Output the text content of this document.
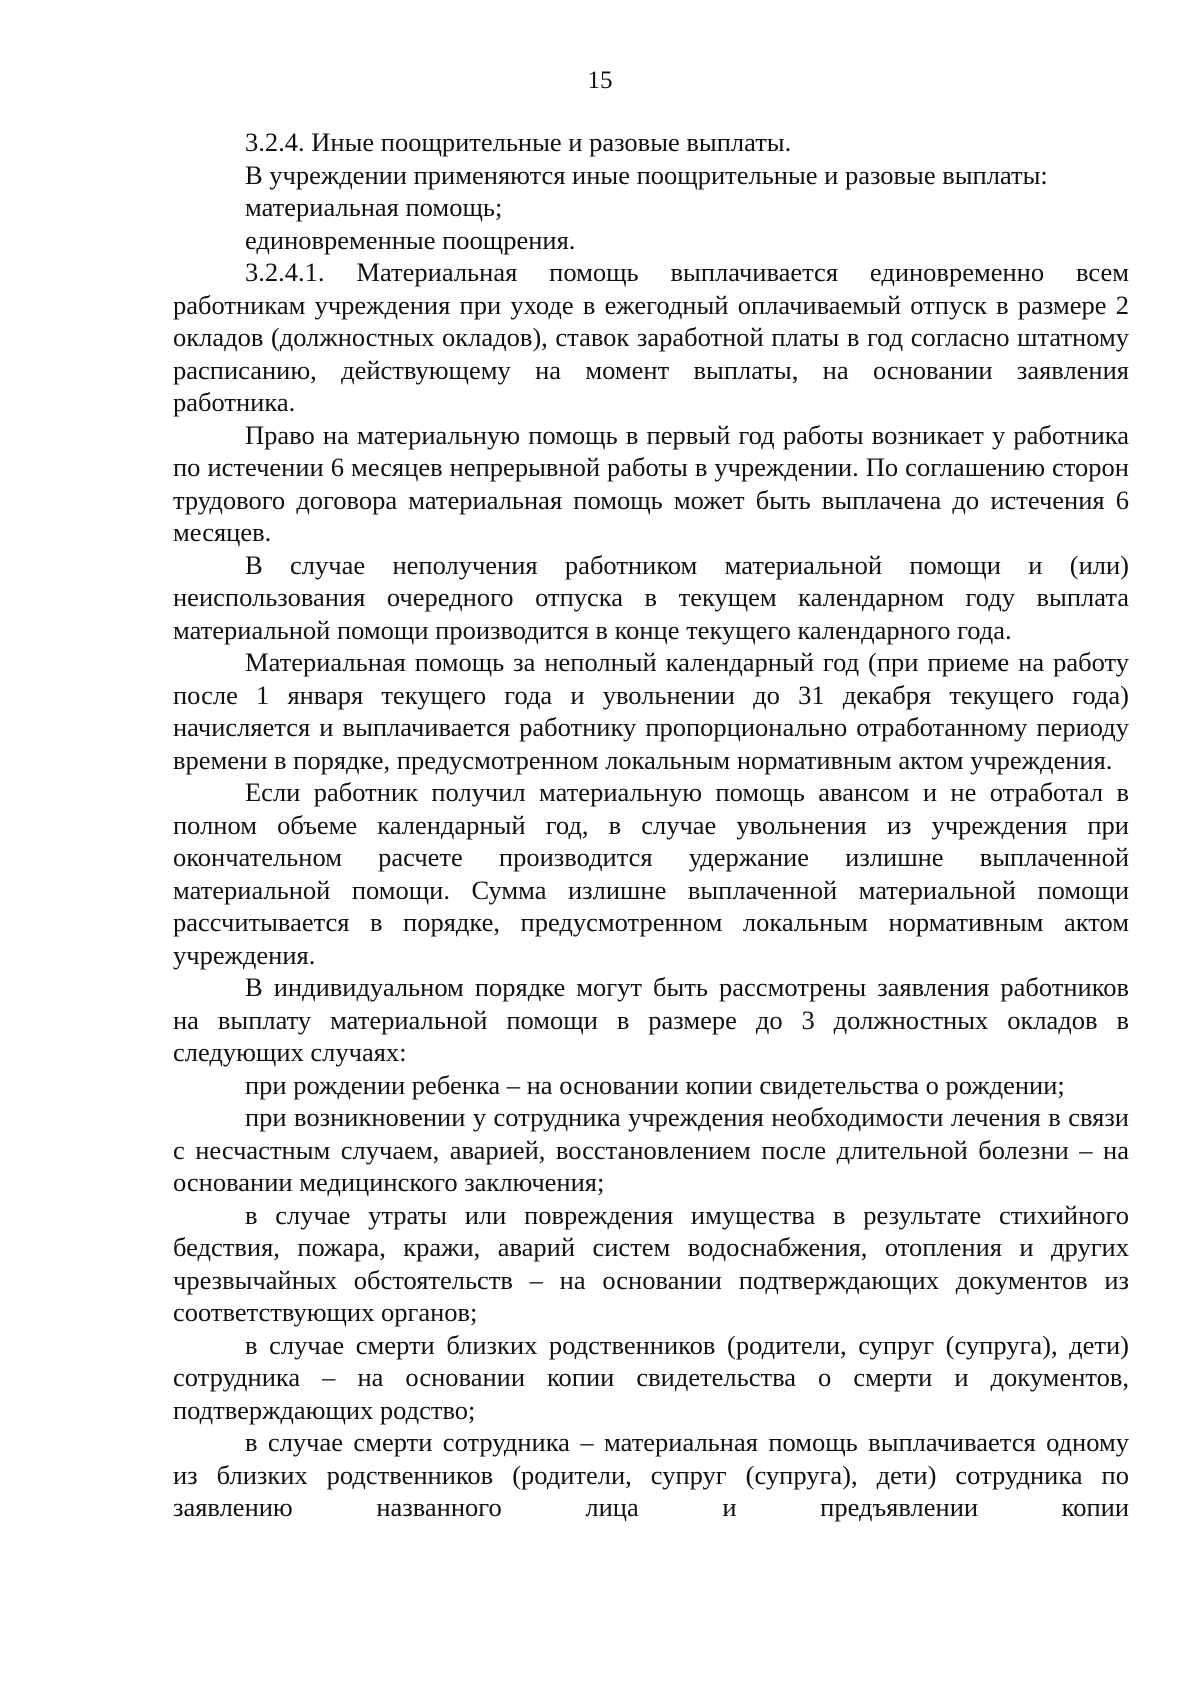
15

3.2.4. Иные поощрительные и разовые выплаты.

В учреждении применяются иные поощрительные и разовые выплаты:

материальная помощь;

единовременные поощрения.

3.2.4.1. Материальная помощь выплачивается единовременно всем работникам учреждения при уходе в ежегодный оплачиваемый отпуск в размере 2 окладов (должностных окладов), ставок заработной платы в год согласно штатному расписанию, действующему на момент выплаты, на основании заявления работника.

Право на материальную помощь в первый год работы возникает у работника по истечении 6 месяцев непрерывной работы в учреждении. По соглашению сторон трудового договора материальная помощь может быть выплачена до истечения 6 месяцев.

В случае неполучения работником материальной помощи и (или) неиспользования очередного отпуска в текущем календарном году выплата материальной помощи производится в конце текущего календарного года.

Материальная помощь за неполный календарный год (при приеме на работу после 1 января текущего года и увольнении до 31 декабря текущего года) начисляется и выплачивается работнику пропорционально отработанному периоду времени в порядке, предусмотренном локальным нормативным актом учреждения.

Если работник получил материальную помощь авансом и не отработал в полном объеме календарный год, в случае увольнения из учреждения при окончательном расчете производится удержание излишне выплаченной материальной помощи. Сумма излишне выплаченной материальной помощи рассчитывается в порядке, предусмотренном локальным нормативным актом учреждения.

В индивидуальном порядке могут быть рассмотрены заявления работников на выплату материальной помощи в размере до 3 должностных окладов в следующих случаях:

при рождении ребенка – на основании копии свидетельства о рождении;

при возникновении у сотрудника учреждения необходимости лечения в связи с несчастным случаем, аварией, восстановлением после длительной болезни – на основании медицинского заключения;

в случае утраты или повреждения имущества в результате стихийного бедствия, пожара, кражи, аварий систем водоснабжения, отопления и других чрезвычайных обстоятельств – на основании подтверждающих документов из соответствующих органов;

в случае смерти близких родственников (родители, супруг (супруга), дети) сотрудника – на основании копии свидетельства о смерти и документов, подтверждающих родство;

в случае смерти сотрудника – материальная помощь выплачивается одному из близких родственников (родители, супруг (супруга), дети) сотрудника по заявлению названного лица и предъявлении копии
